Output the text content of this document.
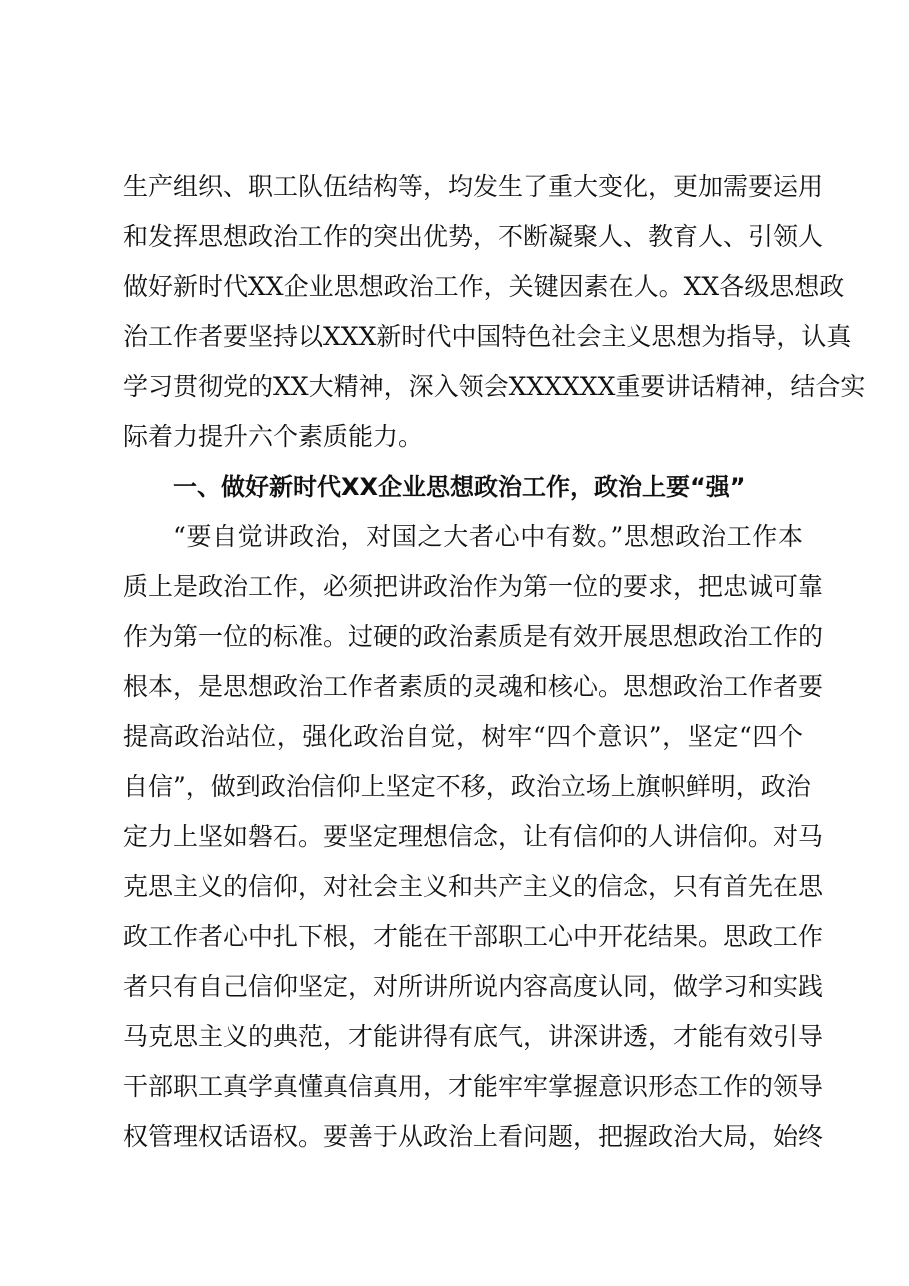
生产组织、职工队伍结构等，均发生了重大变化，更加需要运用
和发挥思想政治工作的突出优势，不断凝聚人、教育人、引领人
做好新时代XX企业思想政治工作，关键因素在人。XX各级思想政
治工作者要坚持以XXX新时代中国特色社会主义思想为指导，认真
学习贯彻党的XX大精神，深入领会XXXXXX重要讲话精神，结合实
际着力提升六个素质能力。
一、做好新时代XX企业思想政治工作，政治上要“强”
“要自觉讲政治，对国之大者心中有数。”思想政治工作本
质上是政治工作，必须把讲政治作为第一位的要求，把忠诚可靠
作为第一位的标准。过硬的政治素质是有效开展思想政治工作的
根本，是思想政治工作者素质的灵魂和核心。思想政治工作者要
提高政治站位，强化政治自觉，树牢“四个意识”，坚定“四个
自信”，做到政治信仰上坚定不移，政治立场上旗帜鲜明，政治
定力上坚如磐石。要坚定理想信念，让有信仰的人讲信仰。对马
克思主义的信仰，对社会主义和共产主义的信念，只有首先在思
政工作者心中扎下根，才能在干部职工心中开花结果。思政工作
者只有自己信仰坚定，对所讲所说内容高度认同，做学习和实践
马克思主义的典范，才能讲得有底气，讲深讲透，才能有效引导
干部职工真学真懂真信真用，才能牢牢掌握意识形态工作的领导
权管理权话语权。要善于从政治上看问题，把握政治大局，始终
